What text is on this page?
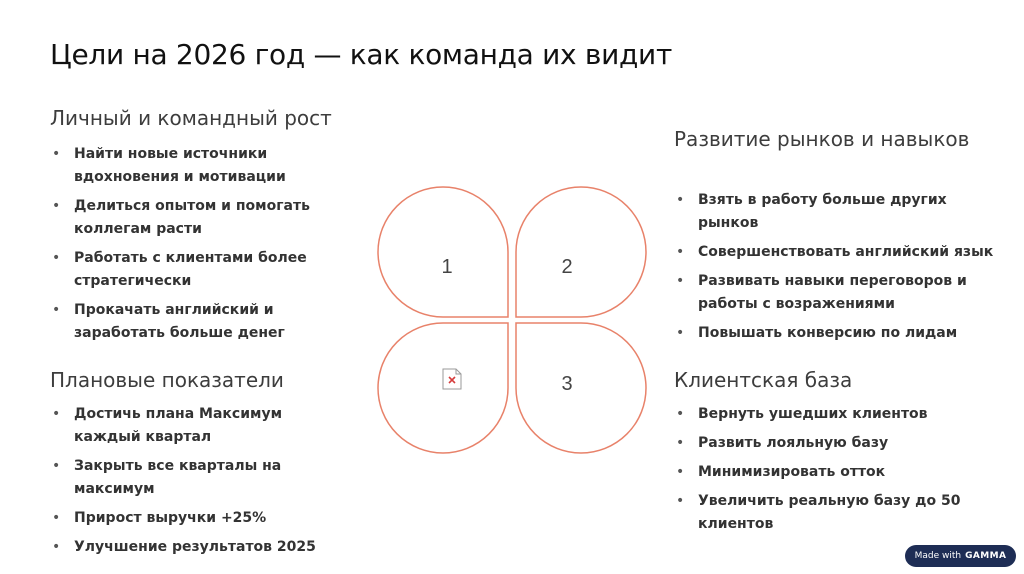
Цели на 2026 год — как команда их видит
Личный и командный рост
• Найти новые источники вдохновения и мотивации
• Делиться опытом и помогать коллегам расти
• Работать с клиентами более стратегически
• Прокачать английский и заработать больше денег
Плановые показатели
• Достичь плана Максимум каждый квартал
• Закрыть все кварталы на максимум
• Прирост выручки +25%
• Улучшение результатов 2025
Развитие рынков и навыков
• Взять в работу больше других рынков
• Совершенствовать английский язык
• Развивать навыки переговоров и работы с возражениями
• Повышать конверсию по лидам
Клиентская база
• Вернуть ушедших клиентов
• Развить лояльную базу
• Минимизировать отток
• Увеличить реальную базу до 50 клиентов
1	2
3
Made with GAMMA
